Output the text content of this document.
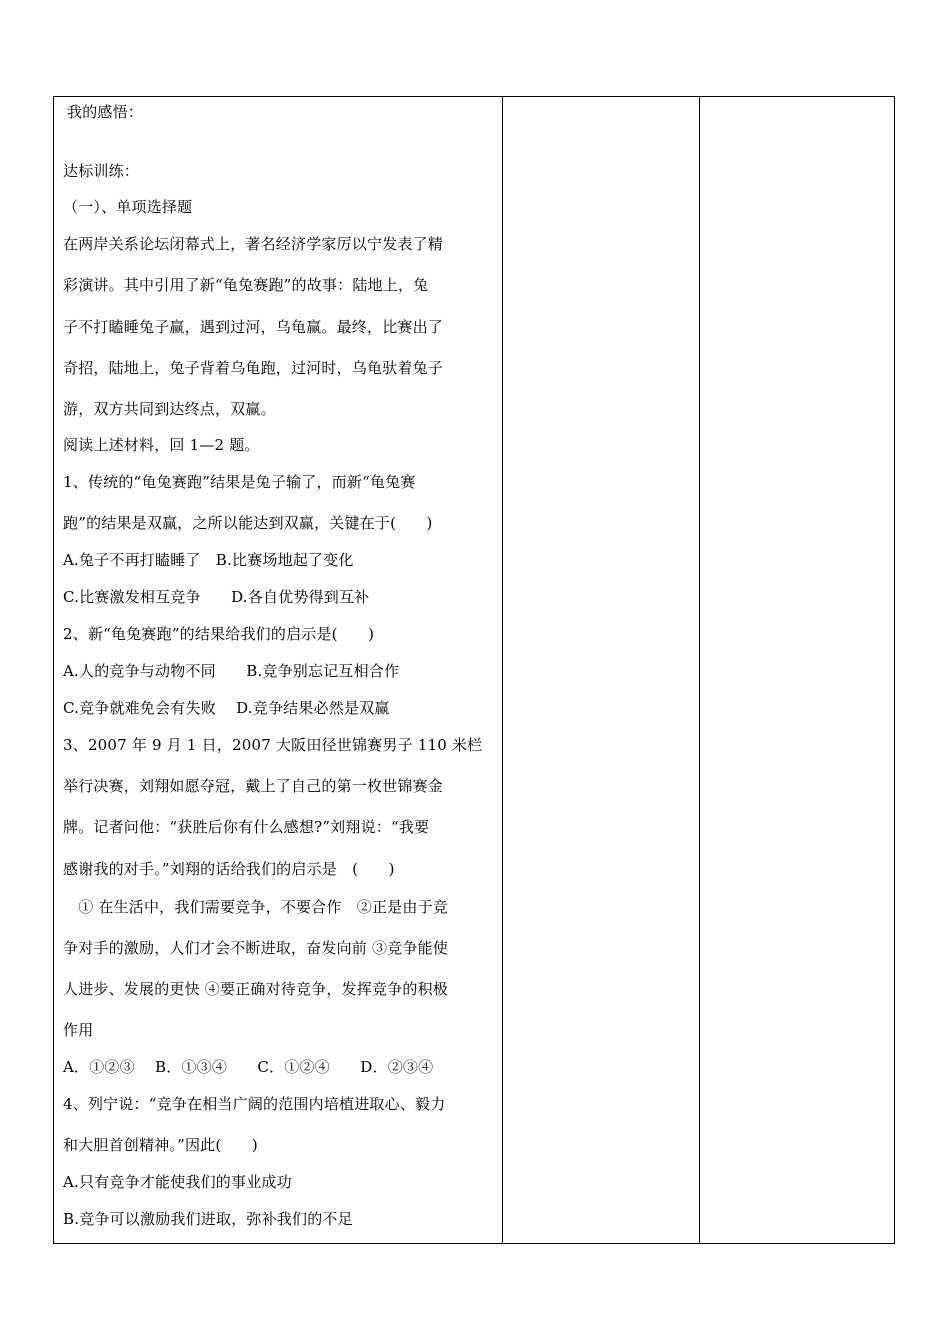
我的感悟：
达标训练：
（一）、单项选择题
在两岸关系论坛闭幕式上，著名经济学家厉以宁发表了精
彩演讲。其中引用了新“龟兔赛跑”的故事：陆地上，兔
子不打瞌睡兔子赢，遇到过河，乌龟赢。最终，比赛出了
奇招，陆地上，兔子背着乌龟跑，过河时，乌龟驮着兔子
游，双方共同到达终点，双赢。
阅读上述材料，回 1—2 题。
1、传统的“龟兔赛跑”结果是兔子输了，而新“龟兔赛
跑”的结果是双赢，之所以能达到双赢，关键在于(　　)
A.兔子不再打瞌睡了　B.比赛场地起了变化
C.比赛激发相互竞争　　D.各自优势得到互补
2、新“龟兔赛跑”的结果给我们的启示是(　　)
A.人的竞争与动物不同　　B.竞争别忘记互相合作
C.竞争就难免会有失败　 D.竞争结果必然是双赢
3、2007 年 9 月 1 日，2007 大阪田径世锦赛男子 110 米栏
举行决赛，刘翔如愿夺冠，戴上了自己的第一枚世锦赛金
牌。记者问他：“获胜后你有什么感想?”刘翔说：“我要
感谢我的对手。”刘翔的话给我们的启示是　(　　)
　① 在生活中，我们需要竞争，不要合作　②正是由于竞
争对手的激励，人们才会不断进取，奋发向前 ③竞争能使
人进步、发展的更快 ④要正确对待竞争，发挥竞争的积极
作用
A．①②③　 B．①③④　　C．①②④　　D．②③④
4、列宁说：“竞争在相当广阔的范围内培植进取心、毅力
和大胆首创精神。”因此(　　)
A.只有竞争才能使我们的事业成功
B.竞争可以激励我们进取，弥补我们的不足
